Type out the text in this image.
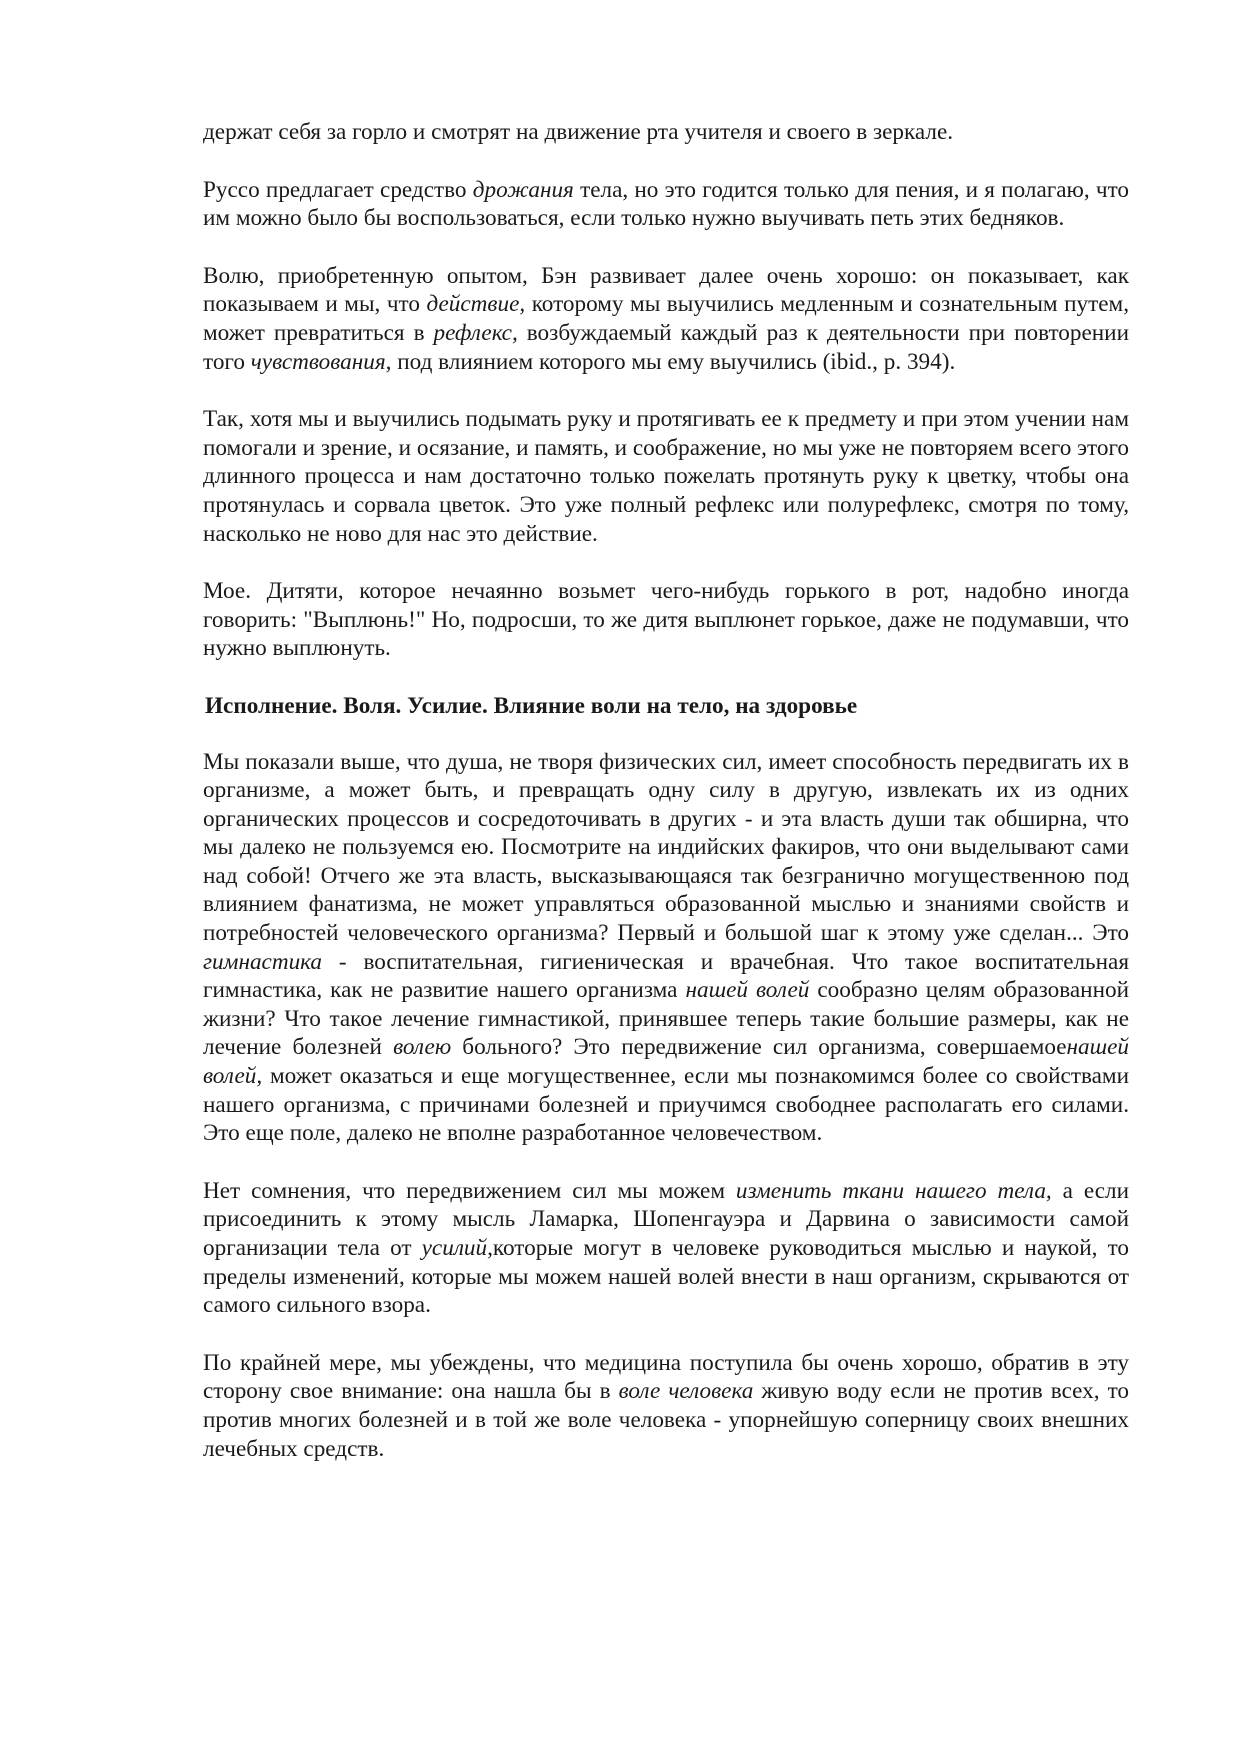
держат себя за горло и смотрят на движение рта учителя и своего в зеркале.

Руссо предлагает средство дрожания тела, но это годится только для пения, и я полагаю, что им можно было бы воспользоваться, если только нужно выучивать петь этих бедняков.

Волю, приобретенную опытом, Бэн развивает далее очень хорошо: он показывает, как показываем и мы, что действие, которому мы выучились медленным и сознательным путем, может превратиться в рефлекс, возбуждаемый каждый раз к деятельности при повторении того чувствования, под влиянием которого мы ему выучились (ibid., р. 394).

Так, хотя мы и выучились подымать руку и протягивать ее к предмету и при этом учении нам помогали и зрение, и осязание, и память, и соображение, но мы уже не повторяем всего этого длинного процесса и нам достаточно только пожелать протянуть руку к цветку, чтобы она протянулась и сорвала цветок. Это уже полный рефлекс или полурефлекс, смотря по тому, насколько не ново для нас это действие.

Мое. Дитяти, которое нечаянно возьмет чего-нибудь горького в рот, надобно иногда говорить: "Выплюнь!" Но, подросши, то же дитя выплюнет горькое, даже не подумавши, что нужно выплюнуть.

Исполнение. Воля. Усилие. Влияние воли на тело, на здоровье

Мы показали выше, что душа, не творя физических сил, имеет способность передвигать их в организме, а может быть, и превращать одну силу в другую, извлекать их из одних органических процессов и сосредоточивать в других - и эта власть души так обширна, что мы далеко не пользуемся ею. Посмотрите на индийских факиров, что они выделывают сами над собой! Отчего же эта власть, высказывающаяся так безгранично могущественною под влиянием фанатизма, не может управляться образованной мыслью и знаниями свойств и потребностей человеческого организма? Первый и большой шаг к этому уже сделан... Это гимнастика - воспитательная, гигиеническая и врачебная. Что такое воспитательная гимнастика, как не развитие нашего организма нашей волей сообразно целям образованной жизни? Что такое лечение гимнастикой, принявшее теперь такие большие размеры, как не лечение болезней волею больного? Это передвижение сил организма, совершаемоенашей волей, может оказаться и еще могущественнее, если мы познакомимся более со свойствами нашего организма, с причинами болезней и приучимся свободнее располагать его силами. Это еще поле, далеко не вполне разработанное человечеством.

Нет сомнения, что передвижением сил мы можем изменить ткани нашего тела, а если присоединить к этому мысль Ламарка, Шопенгауэра и Дарвина о зависимости самой организации тела от усилий,которые могут в человеке руководиться мыслью и наукой, то пределы изменений, которые мы можем нашей волей внести в наш организм, скрываются от самого сильного взора.

По крайней мере, мы убеждены, что медицина поступила бы очень хорошо, обратив в эту сторону свое внимание: она нашла бы в воле человека живую воду если не против всех, то против многих болезней и в той же воле человека - упорнейшую соперницу своих внешних лечебных средств.
